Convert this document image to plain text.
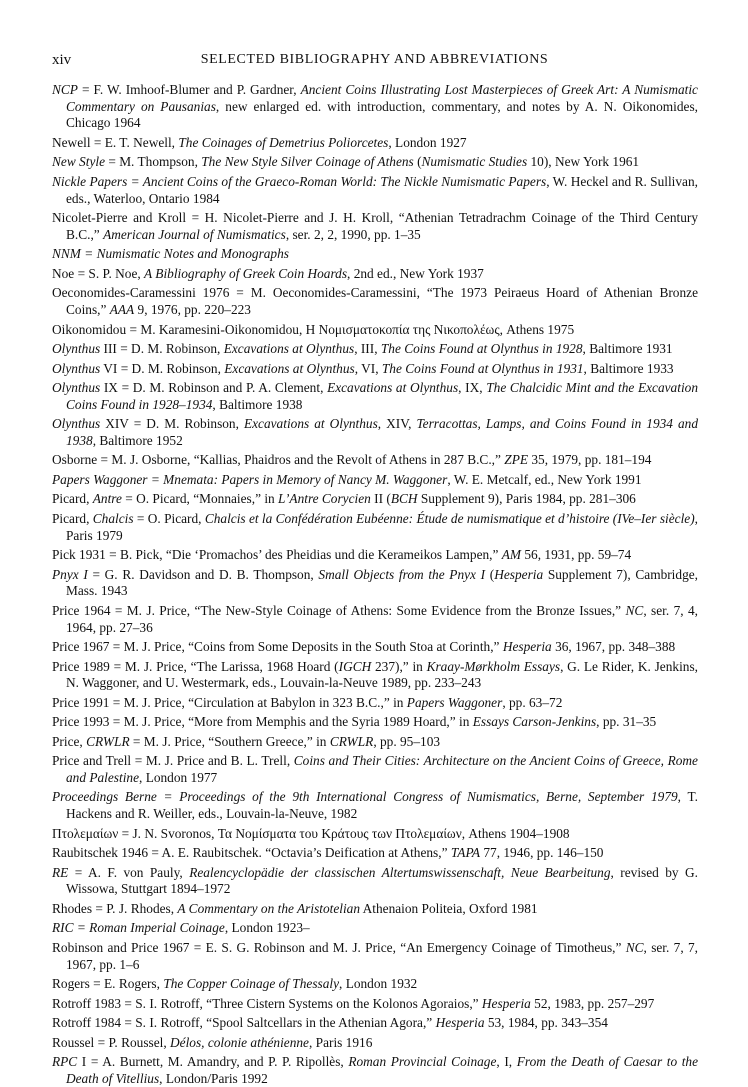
xiv	SELECTED BIBLIOGRAPHY AND ABBREVIATIONS
NCP = F. W. Imhoof-Blumer and P. Gardner, Ancient Coins Illustrating Lost Masterpieces of Greek Art: A Numismatic Commentary on Pausanias, new enlarged ed. with introduction, commentary, and notes by A. N. Oikonomides, Chicago 1964
Newell = E. T. Newell, The Coinages of Demetrius Poliorcetes, London 1927
New Style = M. Thompson, The New Style Silver Coinage of Athens (Numismatic Studies 10), New York 1961
Nickle Papers = Ancient Coins of the Graeco-Roman World: The Nickle Numismatic Papers, W. Heckel and R. Sullivan, eds., Waterloo, Ontario 1984
Nicolet-Pierre and Kroll = H. Nicolet-Pierre and J. H. Kroll, “Athenian Tetradrachm Coinage of the Third Century B.C.,” American Journal of Numismatics, ser. 2, 2, 1990, pp. 1–35
NNM = Numismatic Notes and Monographs
Noe = S. P. Noe, A Bibliography of Greek Coin Hoards, 2nd ed., New York 1937
Oeconomides-Caramessini 1976 = M. Oeconomides-Caramessini, “The 1973 Peiraeus Hoard of Athenian Bronze Coins,” AAA 9, 1976, pp. 220–223
Oikonomidou = M. Karamesini-Oikonomidou, Η Νομισματοκοπία της Νικοπολέως, Athens 1975
Olynthus III = D. M. Robinson, Excavations at Olynthus, III, The Coins Found at Olynthus in 1928, Baltimore 1931
Olynthus VI = D. M. Robinson, Excavations at Olynthus, VI, The Coins Found at Olynthus in 1931, Baltimore 1933
Olynthus IX = D. M. Robinson and P. A. Clement, Excavations at Olynthus, IX, The Chalcidic Mint and the Excavation Coins Found in 1928–1934, Baltimore 1938
Olynthus XIV = D. M. Robinson, Excavations at Olynthus, XIV, Terracottas, Lamps, and Coins Found in 1934 and 1938, Baltimore 1952
Osborne = M. J. Osborne, “Kallias, Phaidros and the Revolt of Athens in 287 B.C.,” ZPE 35, 1979, pp. 181–194
Papers Waggoner = Mnemata: Papers in Memory of Nancy M. Waggoner, W. E. Metcalf, ed., New York 1991
Picard, Antre = O. Picard, “Monnaies,” in L’Antre Corycien II (BCH Supplement 9), Paris 1984, pp. 281–306
Picard, Chalcis = O. Picard, Chalcis et la Confédération Eubéenne: Étude de numismatique et d’histoire (IVe–Ier siècle), Paris 1979
Pick 1931 = B. Pick, “Die ‘Promachos’ des Pheidias und die Kerameikos Lampen,” AM 56, 1931, pp. 59–74
Pnyx I = G. R. Davidson and D. B. Thompson, Small Objects from the Pnyx I (Hesperia Supplement 7), Cambridge, Mass. 1943
Price 1964 = M. J. Price, “The New-Style Coinage of Athens: Some Evidence from the Bronze Issues,” NC, ser. 7, 4, 1964, pp. 27–36
Price 1967 = M. J. Price, “Coins from Some Deposits in the South Stoa at Corinth,” Hesperia 36, 1967, pp. 348–388
Price 1989 = M. J. Price, “The Larissa, 1968 Hoard (IGCH 237),” in Kraay-Mørkholm Essays, G. Le Rider, K. Jenkins, N. Waggoner, and U. Westermark, eds., Louvain-la-Neuve 1989, pp. 233–243
Price 1991 = M. J. Price, “Circulation at Babylon in 323 B.C.,” in Papers Waggoner, pp. 63–72
Price 1993 = M. J. Price, “More from Memphis and the Syria 1989 Hoard,” in Essays Carson-Jenkins, pp. 31–35
Price, CRWLR = M. J. Price, “Southern Greece,” in CRWLR, pp. 95–103
Price and Trell = M. J. Price and B. L. Trell, Coins and Their Cities: Architecture on the Ancient Coins of Greece, Rome and Palestine, London 1977
Proceedings Berne = Proceedings of the 9th International Congress of Numismatics, Berne, September 1979, T. Hackens and R. Weiller, eds., Louvain-la-Neuve, 1982
Πτολεμαίων = J. N. Svoronos, Τα Νομίσματα του Κράτους των Πτολεμαίων, Athens 1904–1908
Raubitschek 1946 = A. E. Raubitschek. “Octavia’s Deification at Athens,” TAPA 77, 1946, pp. 146–150
RE = A. F. von Pauly, Realencyclopädie der classischen Altertumswissenschaft, Neue Bearbeitung, revised by G. Wissowa, Stuttgart 1894–1972
Rhodes = P. J. Rhodes, A Commentary on the Aristotelian Athenaion Politeia, Oxford 1981
RIC = Roman Imperial Coinage, London 1923–
Robinson and Price 1967 = E. S. G. Robinson and M. J. Price, “An Emergency Coinage of Timotheus,” NC, ser. 7, 7, 1967, pp. 1–6
Rogers = E. Rogers, The Copper Coinage of Thessaly, London 1932
Rotroff 1983 = S. I. Rotroff, “Three Cistern Systems on the Kolonos Agoraios,” Hesperia 52, 1983, pp. 257–297
Rotroff 1984 = S. I. Rotroff, “Spool Saltcellars in the Athenian Agora,” Hesperia 53, 1984, pp. 343–354
Roussel = P. Roussel, Délos, colonie athénienne, Paris 1916
RPC I = A. Burnett, M. Amandry, and P. P. Ripollès, Roman Provincial Coinage, I, From the Death of Caesar to the Death of Vitellius, London/Paris 1992
